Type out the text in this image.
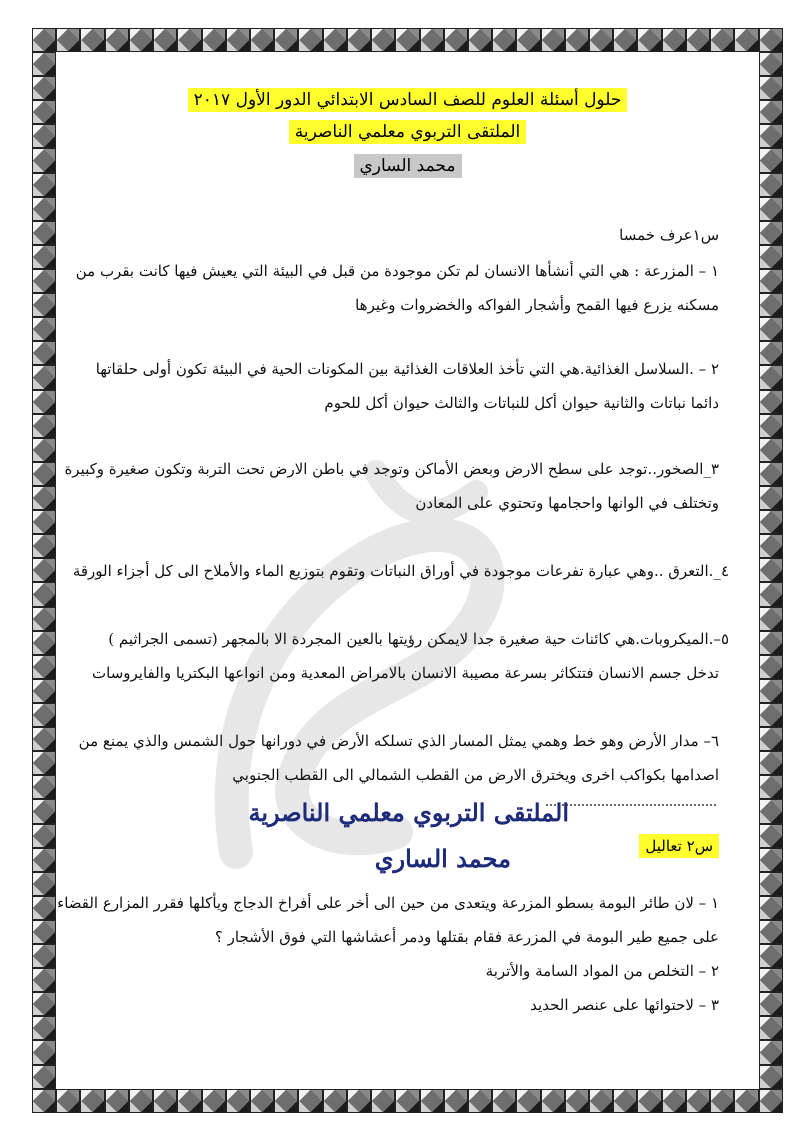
حلول أسئلة العلوم للصف السادس الابتدائي الدور الأول ٢٠١٧
الملتقى التربوي معلمي الناصرية
محمد الساري
س١عرف خمسا
١ – المزرعة : هي التي أنشأها الانسان لم تكن موجودة من قبل في البيئة التي يعيش فيها كانت بقرب من
مسكنه يزرع فيها القمح وأشجار الفواكه والخضروات وغيرها
٢ – .السلاسل الغذائية.هي التي تأخذ العلاقات الغذائية بين المكونات الحية في البيئة تكون أولى حلقاتها
دائما نباتات والثانية حيوان أكل للنباتات والثالث حيوان أكل للحوم
٣_الصخور..توجد على سطح الارض وبعض الأماكن وتوجد في باطن الارض تحت التربة وتكون صغيرة وكبيرة
وتختلف في الوانها واحجامها وتحتوي على المعادن
٤_.التعرق ..وهي عبارة تفرعات موجودة في أوراق النباتات وتقوم بتوزيع الماء والأملاح الى كل أجزاء الورقة
٥–.الميكروبات.هي كائنات حية صغيرة جدا لايمكن رؤيتها بالعين المجردة الا بالمجهر (تسمى الجراثيم )
تدخل جسم الانسان فتتكاثر بسرعة مصيبة الانسان بالامراض المعدية ومن انواعها البكتريا والفايروسات
٦– مدار الأرض وهو خط وهمي يمثل المسار الذي تسلكه الأرض في دورانها حول الشمس والذي يمنع من
اصدامها بكواكب اخرى ويخترق الارض من القطب الشمالي الى القطب الجنوبي
الملتقى التربوي معلمي الناصرية
محمد الساري	س٢ تعاليل
١ – لان طائر البومة بسطو المزرعة ويتعدى من حين الى أخر على أفراخ الدجاج ويأكلها فقرر المزارع القضاء
على جميع طير البومة في المزرعة فقام بقتلها ودمر أعشاشها التي فوق الأشجار ؟
٢ – التخلص من المواد السامة والأتربة
٣ – لاحتوائها على عنصر الحديد
